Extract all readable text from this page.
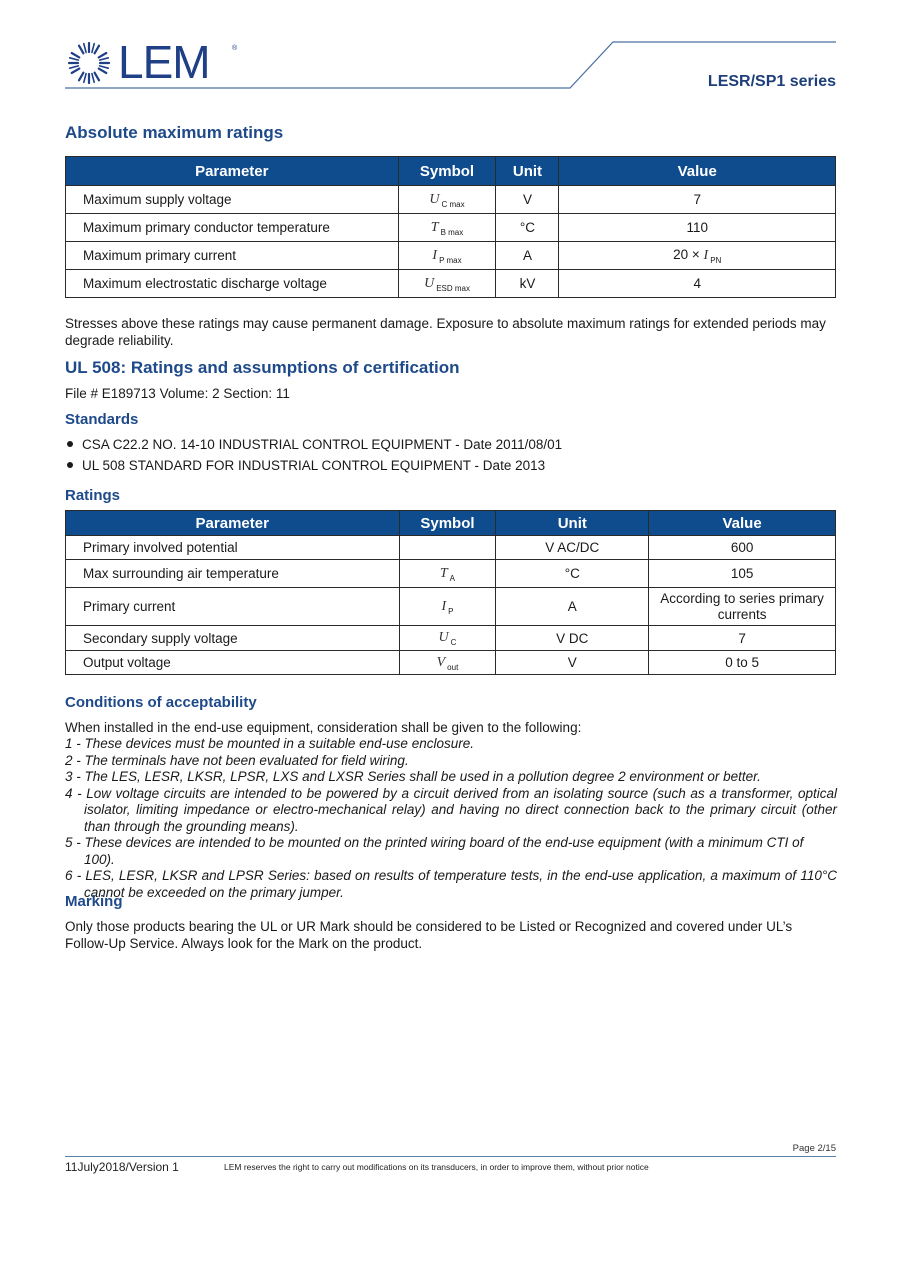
LEM	®
LESR/SP1 series
Absolute maximum ratings
Parameter	Symbol	Unit	Value
Maximum supply voltage	U $_{C max}$	V	7
Maximum primary conductor temperature	T $_{B max}$	°C	110
Maximum primary current	I $_{P max}$	A	20 × I $_{PN}$
Maximum electrostatic discharge voltage	U $_{ESD max}$	kV	4

Stresses above these ratings may cause permanent damage. Exposure to absolute maximum ratings for extended periods may degrade reliability.

UL 508: Ratings and assumptions of certification

File # E189713 Volume: 2 Section: 11

Standards
CSA C22.2 NO. 14-10 INDUSTRIAL CONTROL EQUIPMENT - Date 2011/08/01
UL 508 STANDARD FOR INDUSTRIAL CONTROL EQUIPMENT - Date 2013
Ratings
Parameter	Symbol	Unit	Value
Primary involved potential		V AC/DC	600
Max surrounding air temperature	T $_A$	°C	105
Primary current	I $_P$	A	According to series primary currents
Secondary supply voltage	U $_C$	V DC	7
Output voltage	V $_{out}$	V	0 to 5
Conditions of acceptability

When installed in the end-use equipment, consideration shall be given to the following:

1 - These devices must be mounted in a suitable end-use enclosure.
2 - The terminals have not been evaluated for field wiring.
3 - The LES, LESR, LKSR, LPSR, LXS and LXSR Series shall be used in a pollution degree 2 environment or better.
4 - Low voltage circuits are intended to be powered by a circuit derived from an isolating source (such as a transformer, optical isolator, limiting impedance or electro-mechanical relay) and having no direct connection back to the primary circuit (other than through the grounding means).
5 - These devices are intended to be mounted on the printed wiring board of the end-use equipment (with a minimum CTI of 100).
6 - LES, LESR, LKSR and LPSR Series: based on results of temperature tests, in the end-use application, a maximum of 110°C cannot be exceeded on the primary jumper.
Marking

Only those products bearing the UL or UR Mark should be considered to be Listed or Recognized and covered under UL’s Follow-Up Service. Always look for the Mark on the product.

Page 2/15
11July2018/Version 1	LEM reserves the right to carry out modifications on its transducers, in order to improve them, without prior notice
